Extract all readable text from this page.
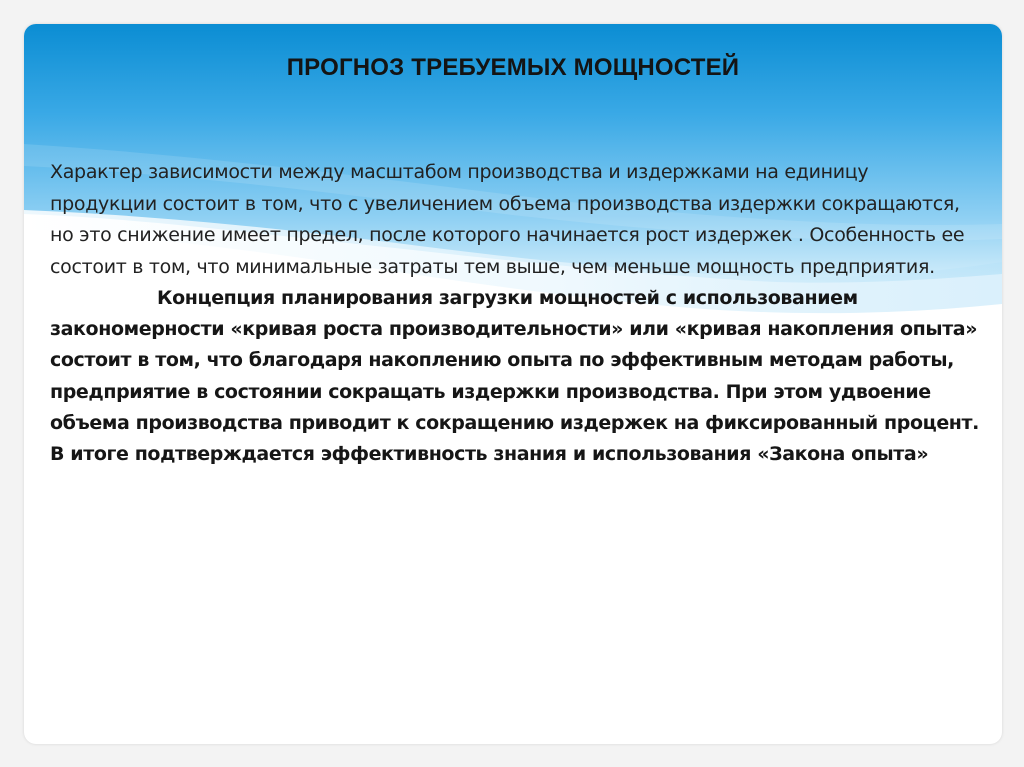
ПРОГНОЗ ТРЕБУЕМЫХ МОЩНОСТЕЙ

Характер зависимости между масштабом производства и издержками на единицу продукции состоит в том, что с увеличением объема производства издержки сокращаются, но это снижение имеет предел, после которого начинается рост издержек . Особенность ее состоит в том, что минимальные затраты тем выше, чем меньше мощность предприятия.

Концепция планирования загрузки мощностей с использованием закономерности «кривая роста производительности» или «кривая накопления опыта» состоит в том, что благодаря накоплению опыта по эффективным методам работы, предприятие в состоянии сокращать издержки производства. При этом удвоение объема производства приводит к сокращению издержек на фиксированный процент. В итоге подтверждается эффективность знания и использования «Закона опыта»
